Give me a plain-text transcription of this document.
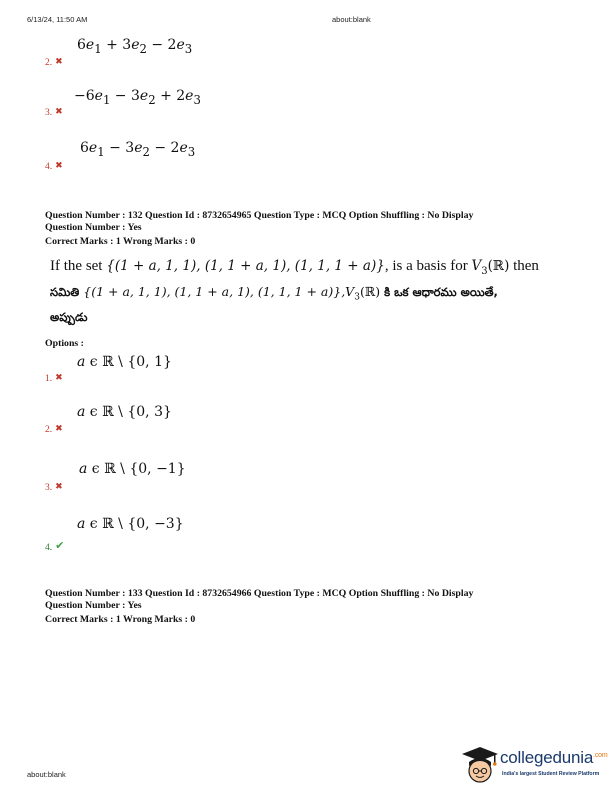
6/13/24, 11:50 AM	about:blank
about:blank
$6e_1 + 3e_2 - 2e_3$
2. ✖
$-6e_1 - 3e_2 + 2e_3$
3. ✖
$6e_1 - 3e_2 - 2e_3$
4. ✖
Question Number : 132 Question Id : 8732654965 Question Type : MCQ Option Shuffling : No Display
Question Number : Yes
Correct Marks : 1 Wrong Marks : 0
If the set {(1 + a, 1, 1), (1, 1 + a, 1), (1, 1, 1 + a)}, is a basis for $V_3(ℝ)$ then
సమితి {(1 + a, 1, 1), (1, 1 + a, 1), (1, 1, $1 + a)\},V_3(ℝ)$ కి ఒక ఆధారము అయితే,
అప్పుడు
Options :
a ϵ ℝ \ {0, 1}
1. ✖
a ϵ ℝ \ {0, 3}
2. ✖
a ϵ ℝ \ {0, −1}
3. ✖
a ϵ ℝ \ {0, −3}
4. ✔
Question Number : 133 Question Id : 8732654966 Question Type : MCQ Option Shuffling : No Display
Question Number : Yes
Correct Marks : 1 Wrong Marks : 0
collegedunia$^{.com}$
India's largest Student Review Platform
